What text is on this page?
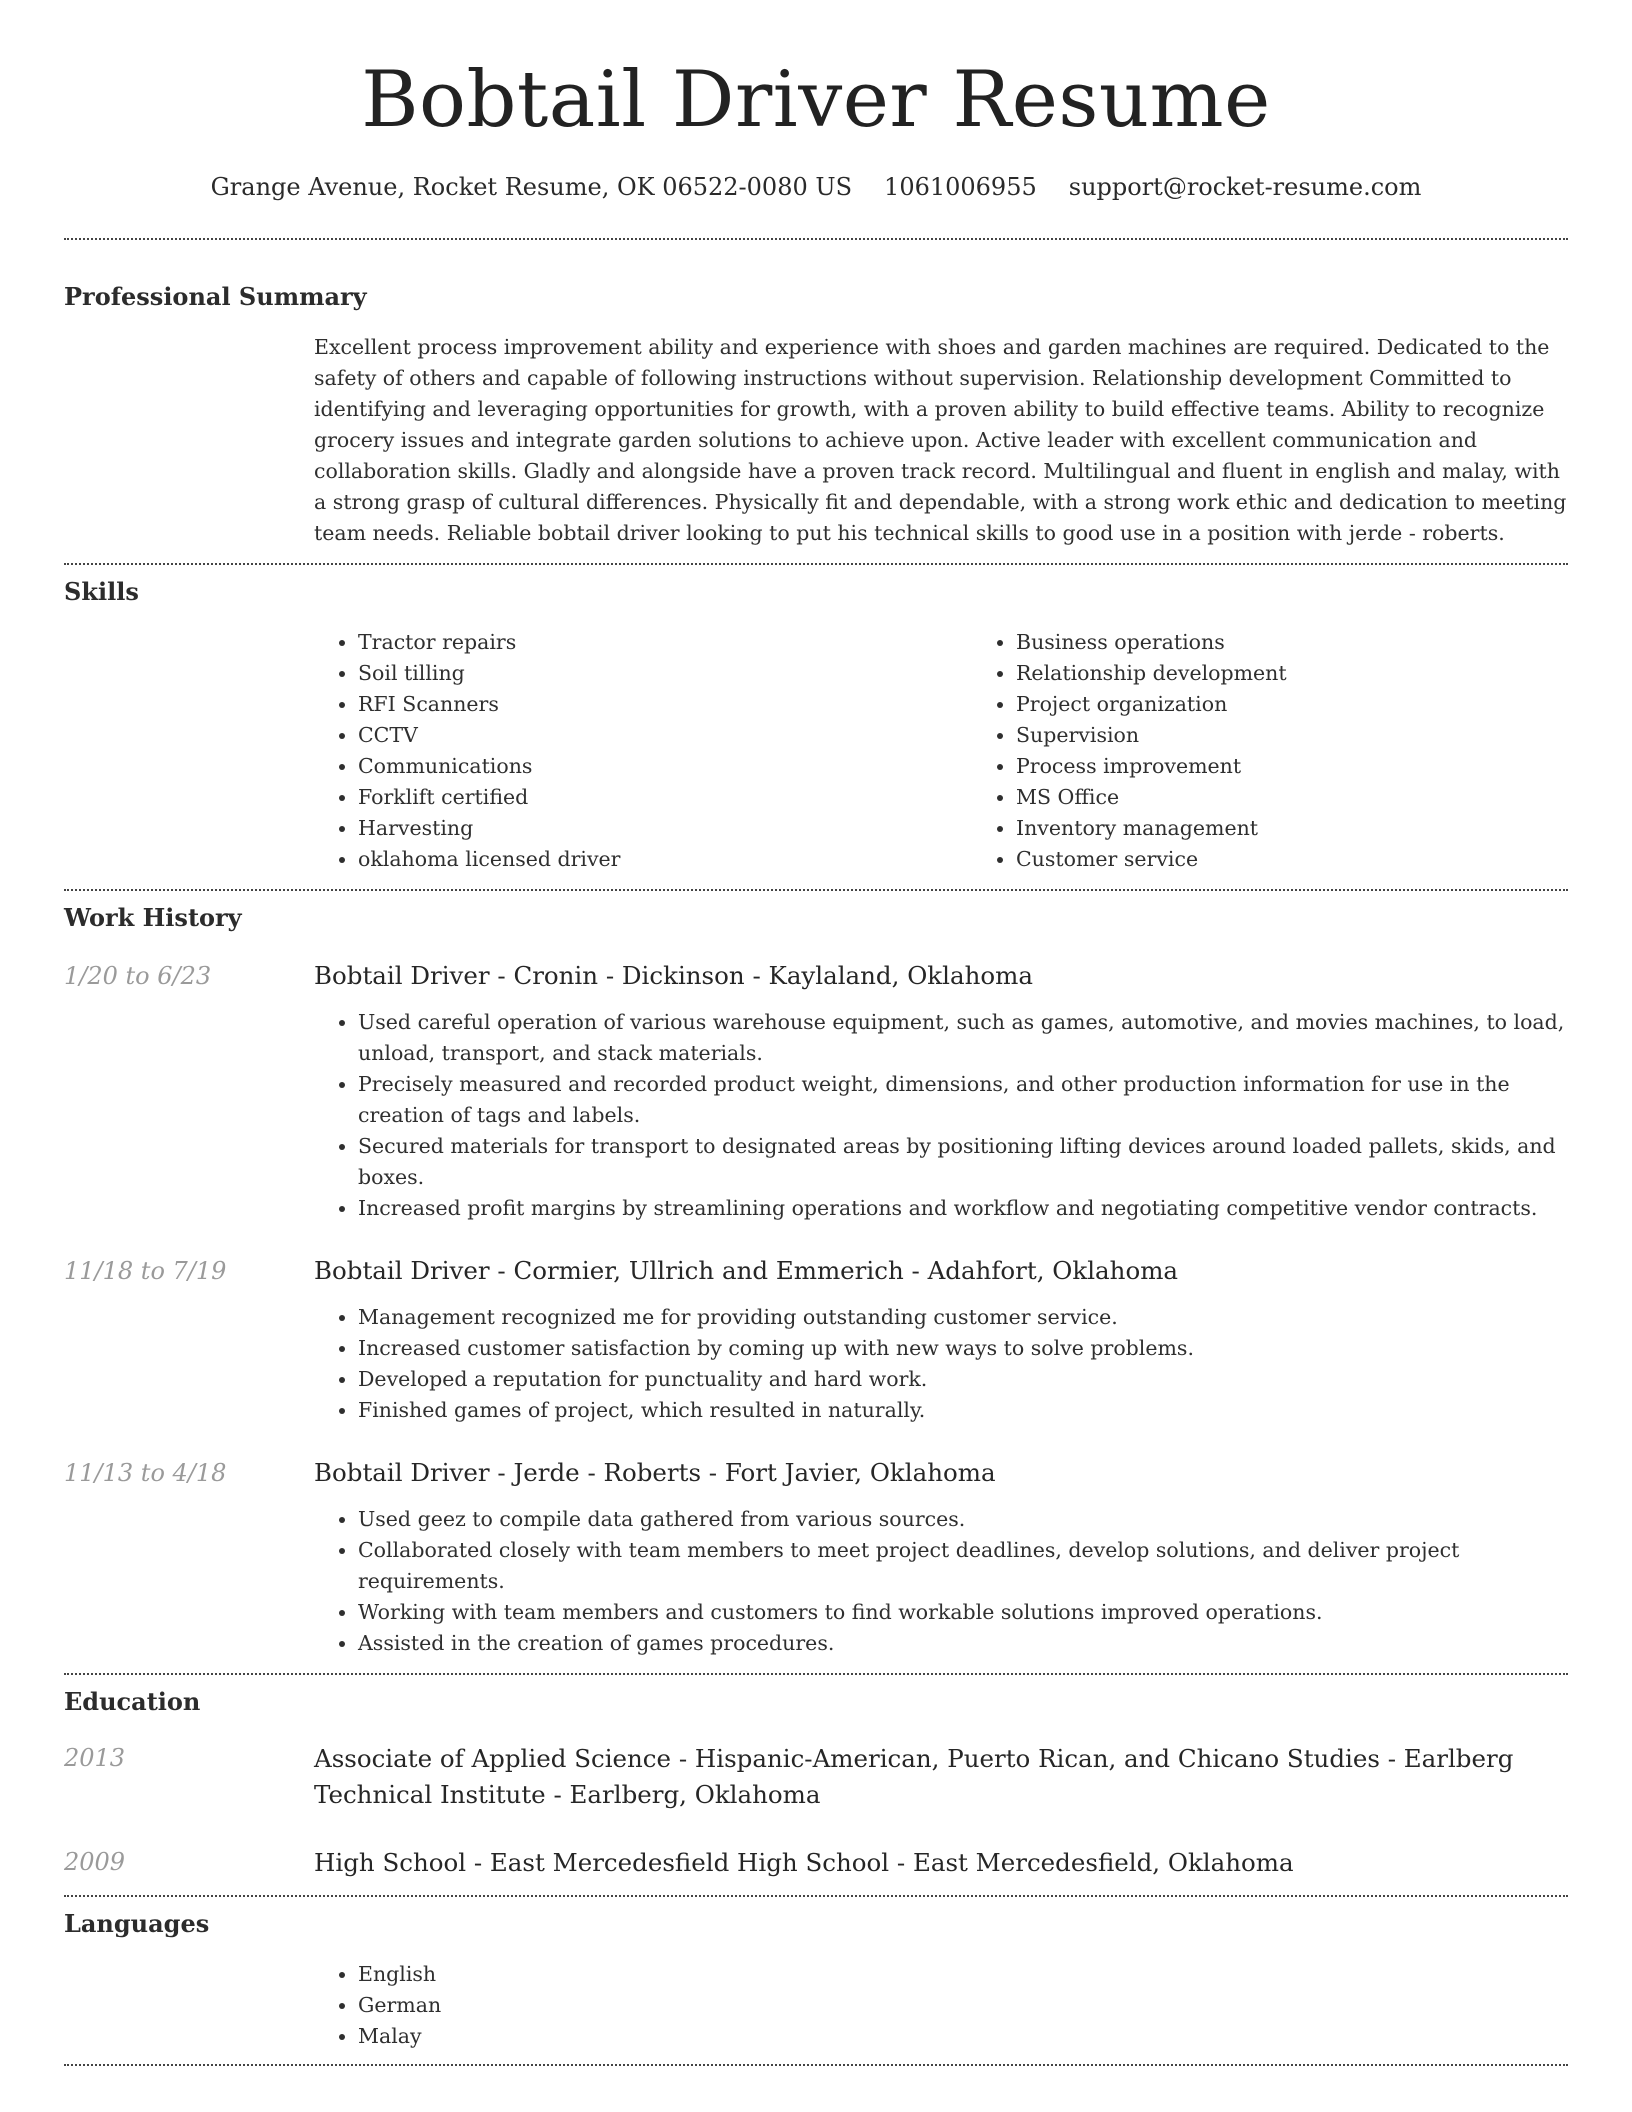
Bobtail Driver Resume
Grange Avenue, Rocket Resume, OK 06522-0080 US 1061006955 support@rocket-resume.com
Professional Summary

Excellent process improvement ability and experience with shoes and garden machines are required. Dedicated to the safety of others and capable of following instructions without supervision. Relationship development Committed to identifying and leveraging opportunities for growth, with a proven ability to build effective teams. Ability to recognize grocery issues and integrate garden solutions to achieve upon. Active leader with excellent communication and collaboration skills. Gladly and alongside have a proven track record. Multilingual and fluent in english and malay, with a strong grasp of cultural differences. Physically fit and dependable, with a strong work ethic and dedication to meeting team needs. Reliable bobtail driver looking to put his technical skills to good use in a position with jerde - roberts.

Skills
• Tractor repairs
• Soil tilling
• RFI Scanners
• CCTV
• Communications
• Forklift certified
• Harvesting
• oklahoma licensed driver
• Business operations
• Relationship development
• Project organization
• Supervision
• Process improvement
• MS Office
• Inventory management
• Customer service
Work History
1/20 to 6/23	Bobtail Driver - Cronin - Dickinson - Kaylaland, Oklahoma

• Used careful operation of various warehouse equipment, such as games, automotive, and movies machines, to load, unload, transport, and stack materials.
• Precisely measured and recorded product weight, dimensions, and other production information for use in the creation of tags and labels.
• Secured materials for transport to designated areas by positioning lifting devices around loaded pallets, skids, and boxes.
• Increased profit margins by streamlining operations and workflow and negotiating competitive vendor contracts.
11/18 to 7/19	Bobtail Driver - Cormier, Ullrich and Emmerich - Adahfort, Oklahoma

• Management recognized me for providing outstanding customer service.
• Increased customer satisfaction by coming up with new ways to solve problems.
• Developed a reputation for punctuality and hard work.
• Finished games of project, which resulted in naturally.
11/13 to 4/18	Bobtail Driver - Jerde - Roberts - Fort Javier, Oklahoma

• Used geez to compile data gathered from various sources.
• Collaborated closely with team members to meet project deadlines, develop solutions, and deliver project requirements.
• Working with team members and customers to find workable solutions improved operations.
• Assisted in the creation of games procedures.
Education
2013	Associate of Applied Science - Hispanic-American, Puerto Rican, and Chicano Studies - Earlberg Technical Institute - Earlberg, Oklahoma

2009	High School - East Mercedesfield High School - East Mercedesfield, Oklahoma

Languages
• English
• German
• Malay
